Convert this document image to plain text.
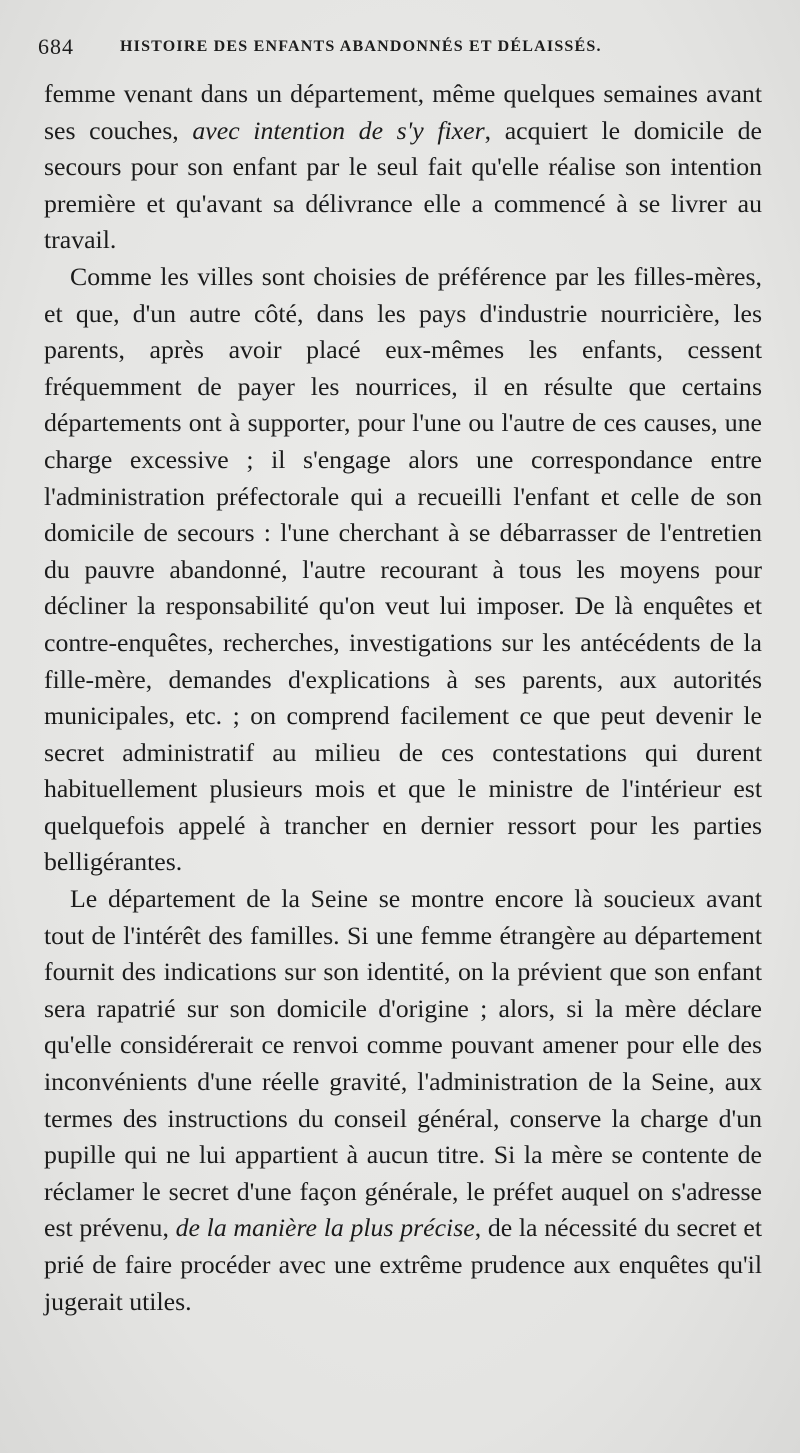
684	HISTOIRE DES ENFANTS ABANDONNÉS ET DÉLAISSÉS.

femme venant dans un département, même quelques semaines avant ses couches, avec intention de s'y fixer, acquiert le domicile de secours pour son enfant par le seul fait qu'elle réalise son intention première et qu'avant sa délivrance elle a commencé à se livrer au travail.

Comme les villes sont choisies de préférence par les filles-mères, et que, d'un autre côté, dans les pays d'industrie nourricière, les parents, après avoir placé eux-mêmes les enfants, cessent fréquemment de payer les nourrices, il en résulte que certains départements ont à supporter, pour l'une ou l'autre de ces causes, une charge excessive ; il s'engage alors une correspondance entre l'administration préfectorale qui a recueilli l'enfant et celle de son domicile de secours : l'une cherchant à se débarrasser de l'entretien du pauvre abandonné, l'autre recourant à tous les moyens pour décliner la responsabilité qu'on veut lui imposer. De là enquêtes et contre-enquêtes, recherches, investigations sur les antécédents de la fille-mère, demandes d'explications à ses parents, aux autorités municipales, etc. ; on comprend facilement ce que peut devenir le secret administratif au milieu de ces contestations qui durent habituellement plusieurs mois et que le ministre de l'intérieur est quelquefois appelé à trancher en dernier ressort pour les parties belligérantes.

Le département de la Seine se montre encore là soucieux avant tout de l'intérêt des familles. Si une femme étrangère au département fournit des indications sur son identité, on la prévient que son enfant sera rapatrié sur son domicile d'origine ; alors, si la mère déclare qu'elle considérerait ce renvoi comme pouvant amener pour elle des inconvénients d'une réelle gravité, l'administration de la Seine, aux termes des instructions du conseil général, conserve la charge d'un pupille qui ne lui appartient à aucun titre. Si la mère se contente de réclamer le secret d'une façon générale, le préfet auquel on s'adresse est prévenu, de la manière la plus précise, de la nécessité du secret et prié de faire procéder avec une extrême prudence aux enquêtes qu'il jugerait utiles.
